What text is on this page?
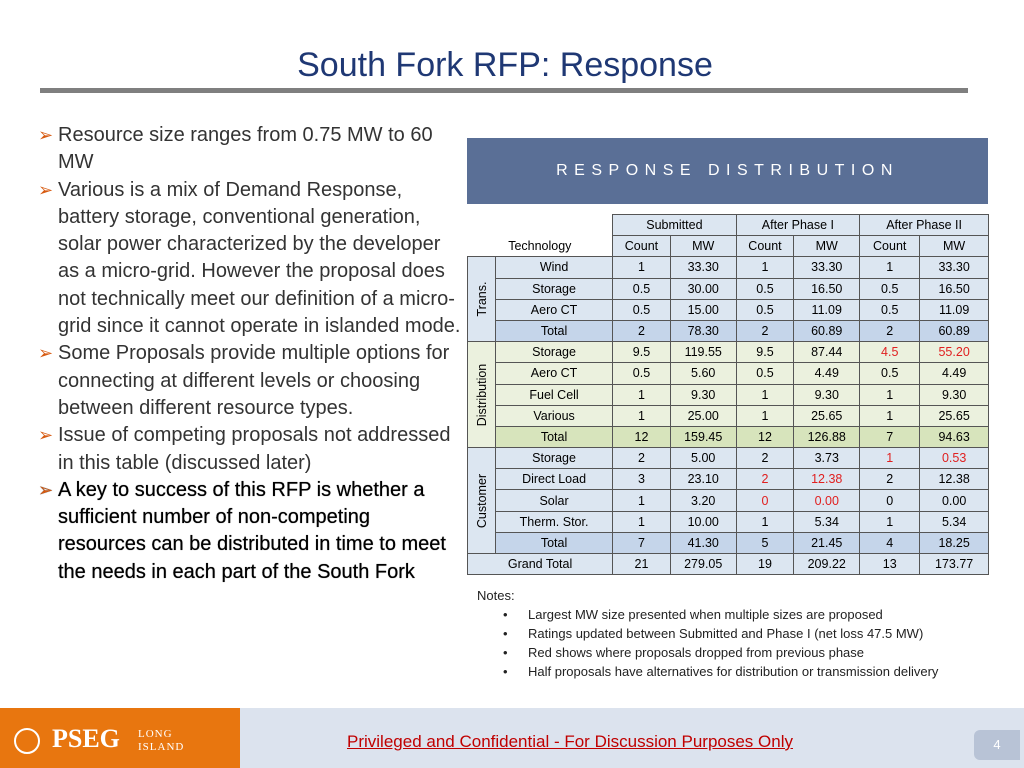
South Fork RFP: Response
➢ Resource size ranges from 0.75 MW to 60 MW
➢ Various is a mix of Demand Response, battery storage, conventional generation, solar power characterized by the developer as a micro-grid. However the proposal does not technically meet our definition of a micro-grid since it cannot operate in islanded mode.
➢ Some Proposals provide multiple options for connecting at different levels or choosing between different resource types.
➢ Issue of competing proposals not addressed in this table (discussed later)
➢ A key to success of this RFP is whether a sufficient number of non-competing resources can be distributed in time to meet the needs in each part of the South Fork
RESPONSE DISTRIBUTION
		Submitted		After Phase I		After Phase II	
Technology		Count	MW	Count	MW	Count	MW

Trans.	Wind	1	33.30	1	33.30	1	33.30
	Storage	0.5	30.00	0.5	16.50	0.5	16.50
	Aero CT	0.5	15.00	0.5	11.09	0.5	11.09
	Total	2	78.30	2	60.89	2	60.89

Distribution	Storage	9.5	119.55	9.5	87.44	4.5	55.20
	Aero CT	0.5	5.60	0.5	4.49	0.5	4.49
	Fuel Cell	1	9.30	1	9.30	1	9.30
	Various	1	25.00	1	25.65	1	25.65
	Total	12	159.45	12	126.88	7	94.63

Customer	Storage	2	5.00	2	3.73	1	0.53
	Direct Load	3	23.10	2	12.38	2	12.38
	Solar	1	3.20	0	0.00	0	0.00
	Therm. Stor.	1	10.00	1	5.34	1	5.34
	Total	7	41.30	5	21.45	4	18.25
Grand Total		21	279.05	19	209.22	13	173.77
Notes:
• Largest MW size presented when multiple sizes are proposed
• Ratings updated between Submitted and Phase I (net loss 47.5 MW)
• Red shows where proposals dropped from previous phase
• Half proposals have alternatives for distribution or transmission delivery
Privileged and Confidential - For Discussion Purposes Only
PSEG LONG
ISLAND	4
